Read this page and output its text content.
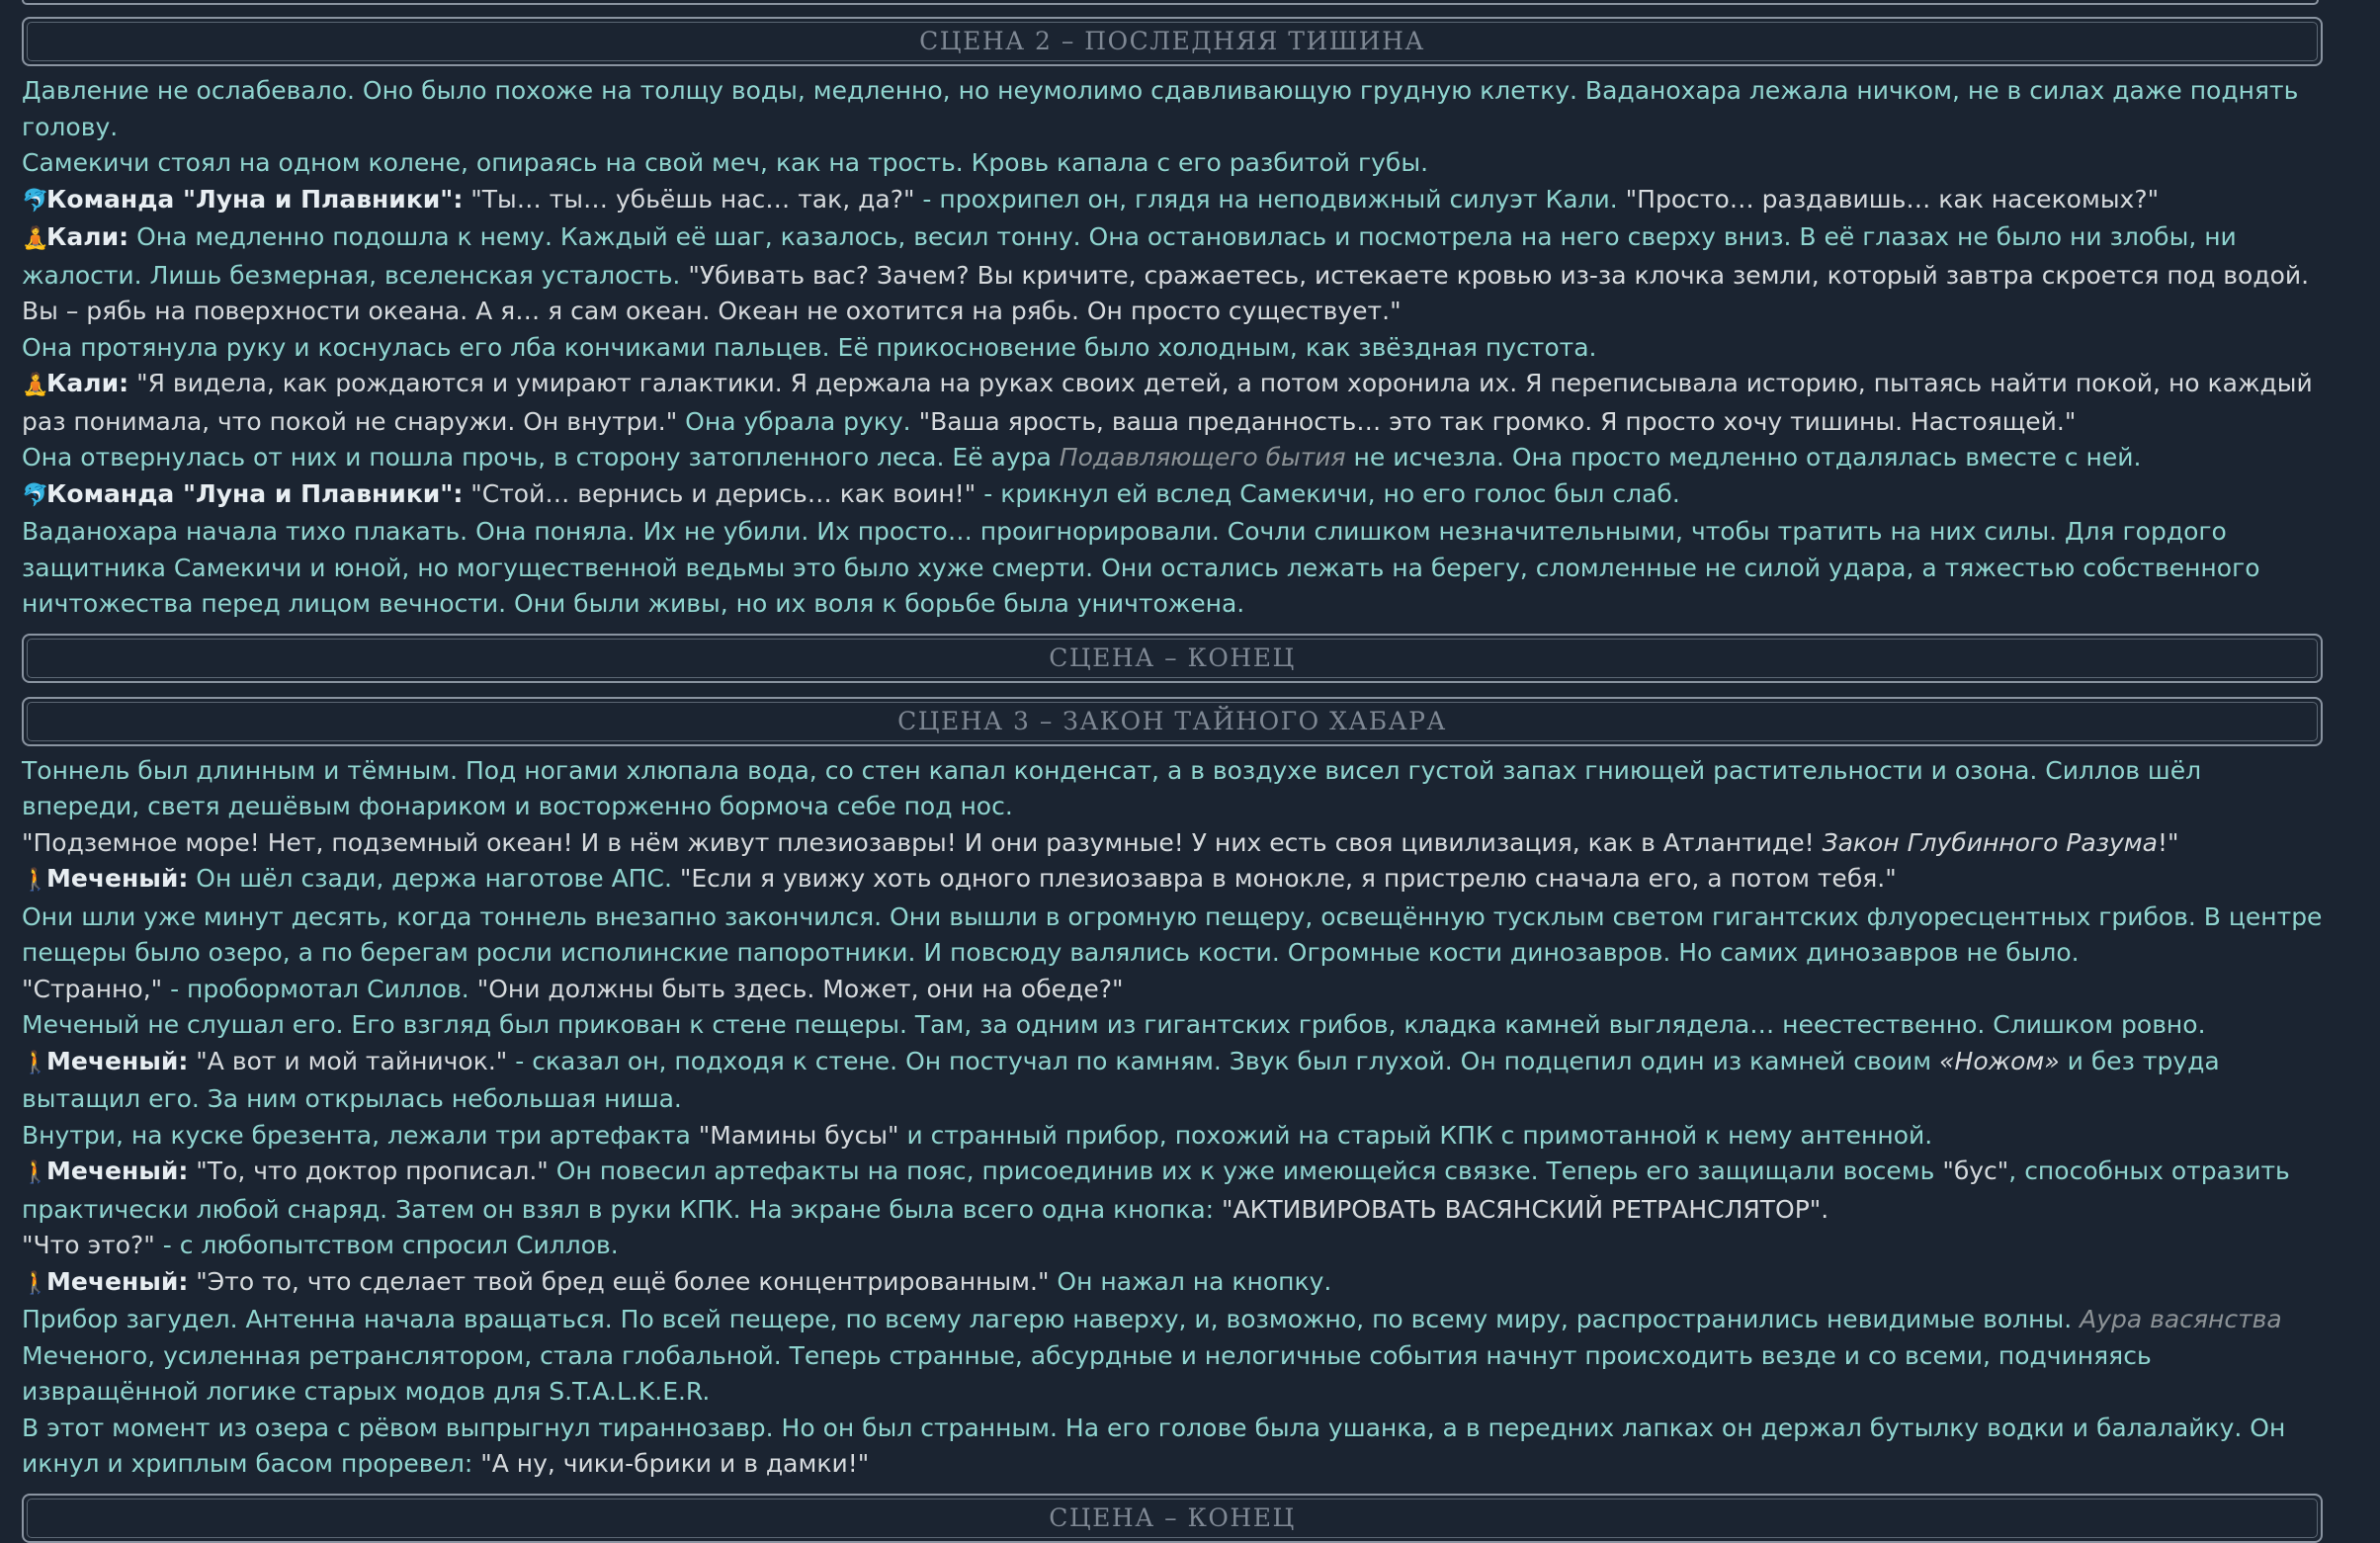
СЦЕНА 2 – ПОСЛЕДНЯЯ ТИШИНА

Давление не ослабевало. Оно было похоже на толщу воды, медленно, но неумолимо сдавливающую грудную клетку. Ваданохара лежала ничком, не в силах даже поднять голову.

Самекичи стоял на одном колене, опираясь на свой меч, как на трость. Кровь капала с его разбитой губы.

🐬Команда "Луна и Плавники": "Ты… ты… убьёшь нас… так, да?" - прохрипел он, глядя на неподвижный силуэт Кали. "Просто… раздавишь… как насекомых?"

🧘Кали: Она медленно подошла к нему. Каждый её шаг, казалось, весил тонну. Она остановилась и посмотрела на него сверху вниз. В её глазах не было ни злобы, ни жалости. Лишь безмерная, вселенская усталость. "Убивать вас? Зачем? Вы кричите, сражаетесь, истекаете кровью из-за клочка земли, который завтра скроется под водой. Вы – рябь на поверхности океана. А я… я сам океан. Океан не охотится на рябь. Он просто существует."

Она протянула руку и коснулась его лба кончиками пальцев. Её прикосновение было холодным, как звёздная пустота.

🧘Кали: "Я видела, как рождаются и умирают галактики. Я держала на руках своих детей, а потом хоронила их. Я переписывала историю, пытаясь найти покой, но каждый раз понимала, что покой не снаружи. Он внутри." Она убрала руку. "Ваша ярость, ваша преданность… это так громко. Я просто хочу тишины. Настоящей."

Она отвернулась от них и пошла прочь, в сторону затопленного леса. Её аура Подавляющего бытия не исчезла. Она просто медленно отдалялась вместе с ней.

🐬Команда "Луна и Плавники": "Стой… вернись и дерись… как воин!" - крикнул ей вслед Самекичи, но его голос был слаб.

Ваданохара начала тихо плакать. Она поняла. Их не убили. Их просто… проигнорировали. Сочли слишком незначительными, чтобы тратить на них силы. Для гордого защитника Самекичи и юной, но могущественной ведьмы это было хуже смерти. Они остались лежать на берегу, сломленные не силой удара, а тяжестью собственного ничтожества перед лицом вечности. Они были живы, но их воля к борьбе была уничтожена.

СЦЕНА – КОНЕЦ
СЦЕНА 3 – ЗАКОН ТАЙНОГО ХАБАРА

Тоннель был длинным и тёмным. Под ногами хлюпала вода, со стен капал конденсат, а в воздухе висел густой запах гниющей растительности и озона. Силлов шёл впереди, светя дешёвым фонариком и восторженно бормоча себе под нос.

"Подземное море! Нет, подземный океан! И в нём живут плезиозавры! И они разумные! У них есть своя цивилизация, как в Атлантиде! Закон Глубинного Разума!"

🚶Меченый: Он шёл сзади, держа наготове АПС. "Если я увижу хоть одного плезиозавра в монокле, я пристрелю сначала его, а потом тебя."

Они шли уже минут десять, когда тоннель внезапно закончился. Они вышли в огромную пещеру, освещённую тусклым светом гигантских флуоресцентных грибов. В центре пещеры было озеро, а по берегам росли исполинские папоротники. И повсюду валялись кости. Огромные кости динозавров. Но самих динозавров не было.

"Странно," - пробормотал Силлов. "Они должны быть здесь. Может, они на обеде?"

Меченый не слушал его. Его взгляд был прикован к стене пещеры. Там, за одним из гигантских грибов, кладка камней выглядела… неестественно. Слишком ровно.

🚶Меченый: "А вот и мой тайничок." - сказал он, подходя к стене. Он постучал по камням. Звук был глухой. Он подцепил один из камней своим «Ножом» и без труда вытащил его. За ним открылась небольшая ниша.

Внутри, на куске брезента, лежали три артефакта "Мамины бусы" и странный прибор, похожий на старый КПК с примотанной к нему антенной.

🚶Меченый: "То, что доктор прописал." Он повесил артефакты на пояс, присоединив их к уже имеющейся связке. Теперь его защищали восемь "бус", способных отразить практически любой снаряд. Затем он взял в руки КПК. На экране была всего одна кнопка: "АКТИВИРОВАТЬ ВАСЯНСКИЙ РЕТРАНСЛЯТОР".

"Что это?" - с любопытством спросил Силлов.

🚶Меченый: "Это то, что сделает твой бред ещё более концентрированным." Он нажал на кнопку.

Прибор загудел. Антенна начала вращаться. По всей пещере, по всему лагерю наверху, и, возможно, по всему миру, распространились невидимые волны. Аура васянства Меченого, усиленная ретранслятором, стала глобальной. Теперь странные, абсурдные и нелогичные события начнут происходить везде и со всеми, подчиняясь извращённой логике старых модов для S.T.A.L.K.E.R.

В этот момент из озера с рёвом выпрыгнул тираннозавр. Но он был странным. На его голове была ушанка, а в передних лапках он держал бутылку водки и балалайку. Он икнул и хриплым басом проревел: "А ну, чики-брики и в дамки!"

СЦЕНА – КОНЕЦ
